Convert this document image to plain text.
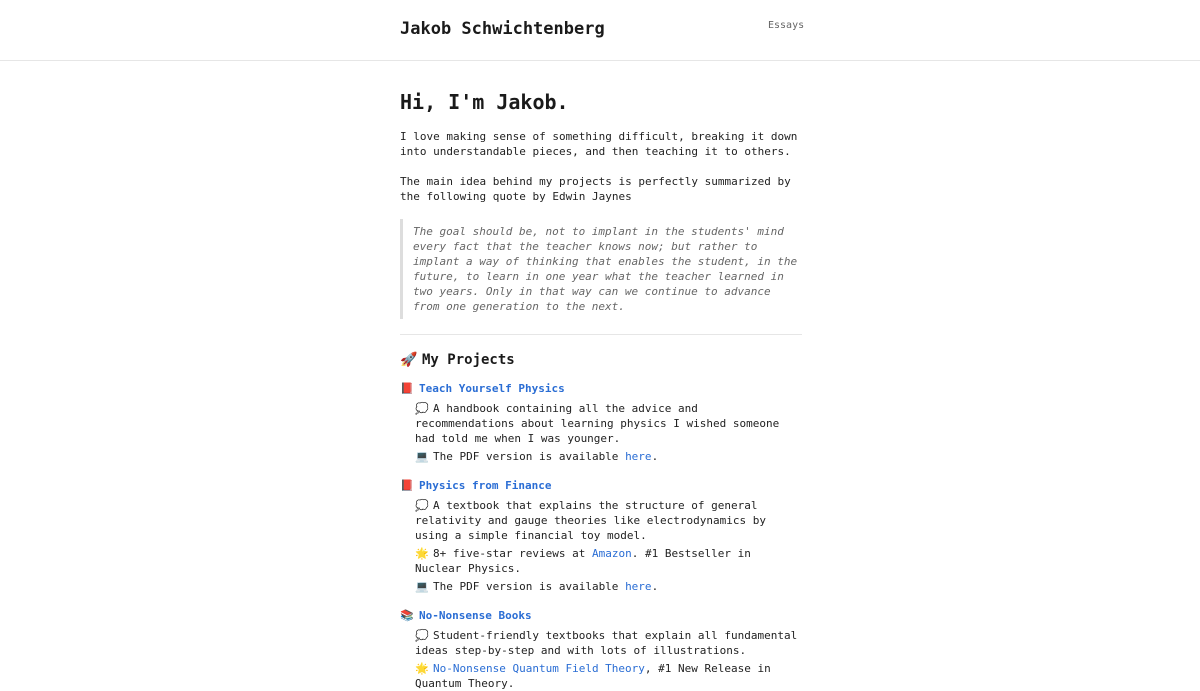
Jakob Schwichtenberg	Essays
Hi, I'm Jakob.

I love making sense of something difficult, breaking it down into understandable pieces, and then teaching it to others.

The main idea behind my projects is perfectly summarized by the following quote by Edwin Jaynes

The goal should be, not to implant in the students' mind every fact that the teacher knows now; but rather to implant a way of thinking that enables the student, in the future, to learn in one year what the teacher learned in two years. Only in that way can we continue to advance from one generation to the next.
🚀 My Projects
📕 Teach Yourself Physics
💭 A handbook containing all the advice and recommendations about learning physics I wished someone had told me when I was younger.
💻 The PDF version is available here.
📕 Physics from Finance
💭 A textbook that explains the structure of general relativity and gauge theories like electrodynamics by using a simple financial toy model.
🌟 8+ five-star reviews at Amazon. #1 Bestseller in Nuclear Physics.
💻 The PDF version is available here.
📚 No-Nonsense Books
💭 Student-friendly textbooks that explain all fundamental ideas step-by-step and with lots of illustrations.
🌟 No-Nonsense Quantum Field Theory, #1 New Release in Quantum Theory.
